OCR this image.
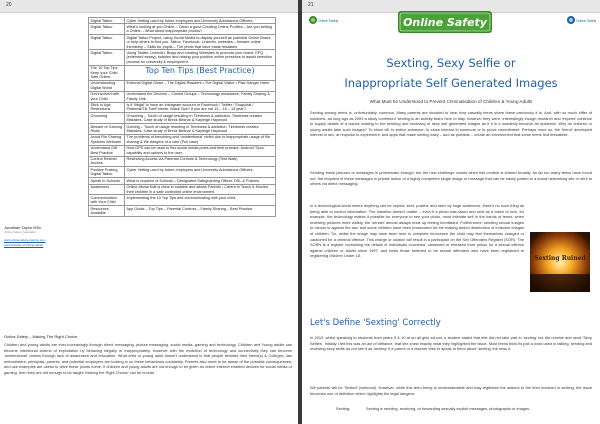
20
Digital Tattoo	Cyber Vetting used by future employers and University Admissions Officers.
Digital Tattoo	What's looking at you Online – Clean a good Creating Online Profiles – Are you setting a Online – What about inappropriate photos?
Digital Tattoo	Digital Tattoo Project, using Social Media to display yourself as potential Online Brand, or help others to find you. Tattoo, Facebook, LinkedIn, websites – beware online friendship – Skills for pupils – The photo that have made mistakes
Digital Tattoo	Using Twitter, LinkedIn, Blogs and creating Websites to promote your brand, EPQ (extended essay), hobbies and raising your positive online presence to assist selection process for university & employment.
The 10 Top Tips Keep your Child Safe Online	Top Ten Tips (Best Practice)
Understanding Digital World	External Digital Globe – The Digital Resident • The Digital Visitor • Risk Danger Harm
Get involved with your Child	Understand the Devices – Closed Groups – Technology assistance, Family Sharing & Family Link.
Stick to Age Restrictions	Is it 'illegal' to have an Instagram account or Facebook / Twitter / Snapchat / Pinterest/Tik Tok/Fortnite, Black Ops? If you are not 13 – 16 – 13 year?
Grooming	Grooming – Touch of usage resulting in Tiredness & addiction, Tiredness creates Mistakes. Case study of Breck Bednar & Kayleigh Haywood
Beware of Gaming Risks	Gaming – Touch of usage resulting in Tiredness & addiction, Tiredness creates Mistakes. Case study of Breck Bednar & Kayleigh Haywood
Avoid File Sharing Systems Webcam	The problems of becoming and 'unintentional' victim due to inappropriate usage of file sharing & the dangers of a cam (Pull case)
Understand Gift Best Practice	How GPS can be used to find social media posts and best practice. Android 'Sync' capability and options to the user.
Control Restrict Access	Restricting Access via Parental Controls & Technology (Test Walk)
Positive Posting Digital Tattoo	Cyber Vetting used by future employers and University Admissions Officers.
Speak to Schools	What is required of Schools – Designated Safeguarding Officer, DSL & Policies.
Awareness	Online Abuse that is done in suitable and allows Parents / Carers to Teach & Monitor their children in a safe controlled online environment.
Communication with Your Child	Implementing the 10 Top Tips and communicating with your child.
Resources Available	App Guide – Top Tips – Parental Controls – Family Sharing – Best Practice
Jonathan Taylor MSc
Online Safety Specialist
www.online-safety-training.com
www.linkedin.com/in/jonathan
Online Safety – Making The Right Choice
Children and young adults are ever-increasingly through direct messaging, picture messaging, social media, gaming and technology. Children and Young adults can become intentional victims of exploitation by behaving illegally or inappropriately; however with the evolution of technology and connectivity they can become 'unintentional' victims through lack of awareness and education. What child or young adult doesn't understand is that people besides their friend(s) & Colleges, law enforcement, principals, parents, and potential employers are looking in on these behaviours constantly. Parents also need to be aware of the possible consequences, and use examples are useful to drive these points home. If children and young adults are old enough to be given an online internet enabled devices for social media or gaming, then they are old enough to be taught 'Making the Right Choice' can be crucial.
21
Online Safety	Online Safety	Online Safety
Sexting, Sexy Selfie or
Inappropriate Self Generated Images
What Must be Understood to Prevent Criminalisation of Children & Young Adults
Sexting among teens is, unfortunately, common. Many parents are shocked to hear how casually teens share these previously it is. And, with so much differ of solutions, as long ago as 2009 a study confirmed 'sexting is an activity that's here to stay, however they were. Interestingly though research and 'experts' continue to supply details of a issues relating to the sending and receiving of sexy self generated images as if it is a suddenly become an epidemic. Why do children or young adults take such images? To show off, to entice someone, to show interest in someone or to prove commitment. Perhaps more so, the 'friend' developed interest in sex, an impulse to experiment, and apps that make sexting easy – and as portable – create an environment that some teens find irresistible.
Sending these pictures or messages is problematic enough, but the new challenge comes when this content is shared broadly. As far too many teens have found out, the recipient of these messages in private action of a highly competent single image or message that can be easily posted to a social networking site or sent to others via direct messaging.
In a technological world where anything can be copied, sent, posted, and seen by huge audiences, there's no such thing as being able to control information. The intention doesn't matter – even if a photo was taken and sent as a token of love, for example, the technology makes it possible for everyone to see your photo, most intimate self in the hands of teens, when receiving pictures more widely, the 'sender' almost always ends up feeling humiliated. Furthermore, sending sexual images to minors is against the law, and some children have been prosecuted for the making and/or distribution of indecent images of children. So, whilst the image may have been sent in complete innocence the child may find themselves charged or cautioned for a criminal offence. This charge or caution will result in a participant on the Sex Offenders Register (SOR). The SORN is a register containing the details of individuals convicted, cautioned or released from prison for a sexual offence against children or adults since 1997, and limits those believed to be sexual offenders who have been registered to registering children Under 18.	Sexting Ruined
Let's Define 'Sexting' Correctly
In 2012, whilst speaking to students from years 9 & 10 at an all girls school, a student stated that she did not take part in 'sexting' but did receive and send 'Sexy Selfies'. Initially I felt this was an act of defiance, that she knew exactly what they highlighted the issue. Most teens think its just a word used in talking, sending and receiving sexy selfie do not see it as 'sexting' if a parent or a teacher tries to speak to them about 'sexting' the miss it.
We parents will be 'Sexted' (vs/boost). However, while this term being is understandable and may legitimise the actions to the teen involved in sexting, the issue becomes one of definition which highlights the legal dangers:
Sexting:	Sexting is sending, receiving, or forwarding sexually explicit messages, photographs or images.
